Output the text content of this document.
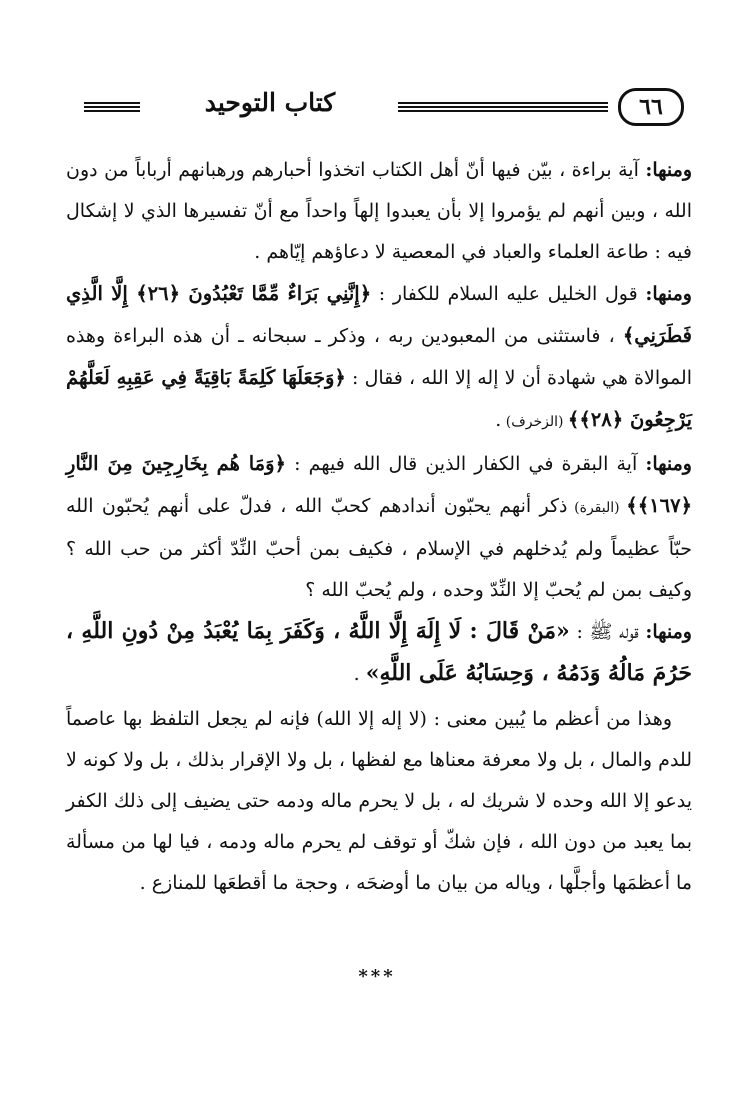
كتاب التوحيد	٦٦

ومنها: آية براءة ، بيّن فيها أنّ أهل الكتاب اتخذوا أحبارهم ورهبانهم أرباباً من دون الله ، وبين أنهم لم يؤمروا إلا بأن يعبدوا إلهاً واحداً مع أنّ تفسيرها الذي لا إشكال فيه : طاعة العلماء والعباد في المعصية لا دعاؤهم إيّاهم .

ومنها: قول الخليل عليه السلام للكفار : ﴿إِنَّنِي بَرَاءٌ مِّمَّا تَعْبُدُونَ ﴿٢٦﴾ إِلَّا الَّذِي فَطَرَنِي﴾ ، فاستثنى من المعبودين ربه ، وذكر ـ سبحانه ـ أن هذه البراءة وهذه الموالاة هي شهادة أن لا إله إلا الله ، فقال : ﴿وَجَعَلَهَا كَلِمَةً بَاقِيَةً فِي عَقِبِهِ لَعَلَّهُمْ يَرْجِعُونَ ﴿٢٨﴾﴾ (الزخرف) .

ومنها: آية البقرة في الكفار الذين قال الله فيهم : ﴿وَمَا هُم بِخَارِجِينَ مِنَ النَّارِ ﴿١٦٧﴾﴾ (البقرة) ذكر أنهم يحبّون أندادهم كحبّ الله ، فدلّ على أنهم يُحبّون الله حبّاً عظيماً ولم يُدخلهم في الإسلام ، فكيف بمن أحبّ النِّدّ أكثر من حب الله ؟ وكيف بمن لم يُحبّ إلا النِّدّ وحده ، ولم يُحبّ الله ؟

ومنها: قوله ﷺ : «مَنْ قَالَ : لَا إِلَهَ إِلَّا اللَّهُ ، وَكَفَرَ بِمَا يُعْبَدُ مِنْ دُونِ اللَّهِ ، حَرُمَ مَالُهُ وَدَمُهُ ، وَحِسَابُهُ عَلَى اللَّهِ» .

وهذا من أعظم ما يُبين معنى : (لا إله إلا الله) فإنه لم يجعل التلفظ بها عاصماً للدم والمال ، بل ولا معرفة معناها مع لفظها ، بل ولا الإقرار بذلك ، بل ولا كونه لا يدعو إلا الله وحده لا شريك له ، بل لا يحرم ماله ودمه حتى يضيف إلى ذلك الكفر بما يعبد من دون الله ، فإن شكّ أو توقف لم يحرم ماله ودمه ، فيا لها من مسألة ما أعظمَها وأجلَّها ، وياله من بيان ما أوضحَه ، وحجة ما أقطعَها للمنازع .

***
